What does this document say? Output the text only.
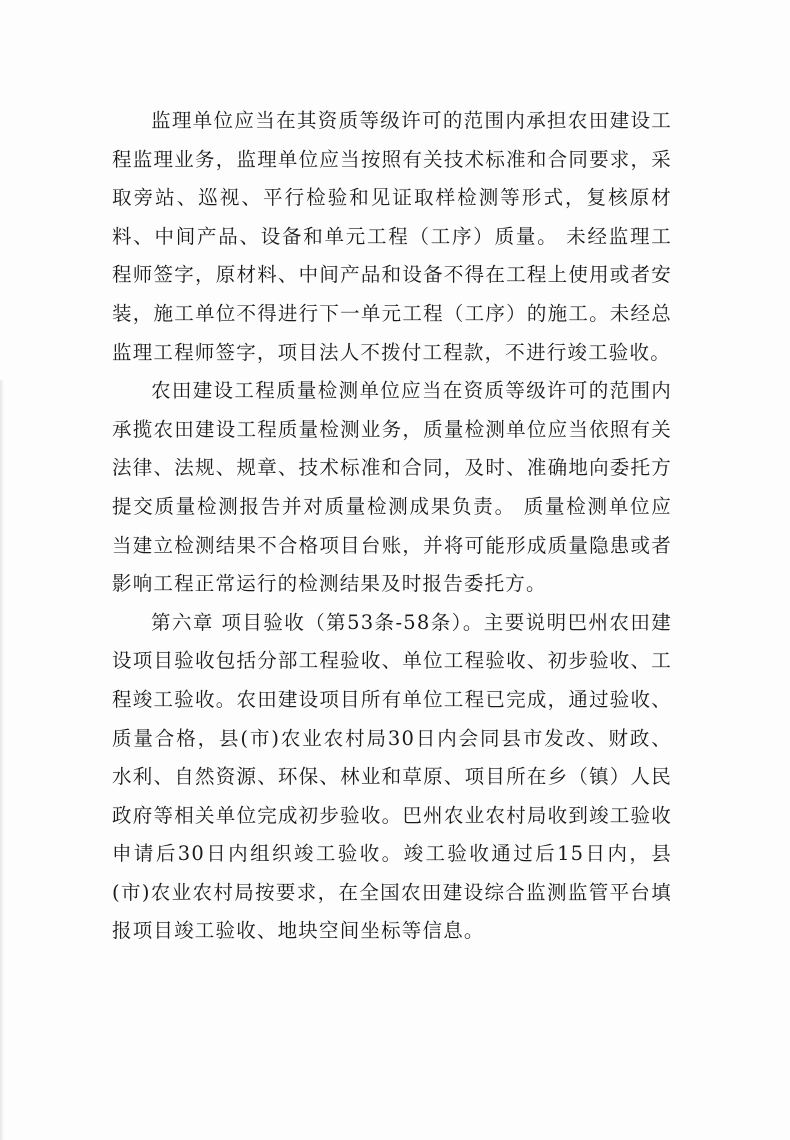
监理单位应当在其资质等级许可的范围内承担农田建设工程监理业务，监理单位应当按照有关技术标准和合同要求，采取旁站、巡视、平行检验和见证取样检测等形式，复核原材料、中间产品、设备和单元工程（工序）质量。 未经监理工程师签字，原材料、中间产品和设备不得在工程上使用或者安装，施工单位不得进行下一单元工程（工序）的施工。未经总监理工程师签字，项目法人不拨付工程款，不进行竣工验收。

农田建设工程质量检测单位应当在资质等级许可的范围内承揽农田建设工程质量检测业务，质量检测单位应当依照有关法律、法规、规章、技术标准和合同，及时、准确地向委托方提交质量检测报告并对质量检测成果负责。 质量检测单位应当建立检测结果不合格项目台账，并将可能形成质量隐患或者影响工程正常运行的检测结果及时报告委托方。

第六章 项目验收（第53条-58条）。主要说明巴州农田建设项目验收包括分部工程验收、单位工程验收、初步验收、工程竣工验收。农田建设项目所有单位工程已完成，通过验收、质量合格，县(市)农业农村局30日内会同县市发改、财政、水利、自然资源、环保、林业和草原、项目所在乡（镇）人民政府等相关单位完成初步验收。巴州农业农村局收到竣工验收申请后30日内组织竣工验收。竣工验收通过后15日内，县(市)农业农村局按要求，在全国农田建设综合监测监管平台填报项目竣工验收、地块空间坐标等信息。
